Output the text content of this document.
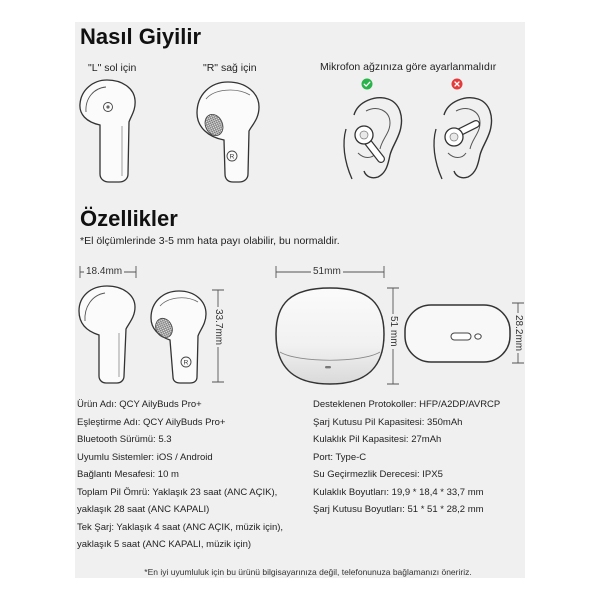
Nasıl Giyilir
"L" sol için	"R" sağ için	Mikrofon ağzınıza göre ayarlanmalıdır
R
Özellikler
*El ölçümlerinde 3-5 mm hata payı olabilir, bu normaldir.
18.4mm
33.7mm
51mm
51 mm	28.2mm
R
Ürün Adı: QCY AilyBuds Pro+
Eşleştirme Adı: QCY AilyBuds Pro+
Bluetooth Sürümü: 5.3
Uyumlu Sistemler: iOS / Android
Bağlantı Mesafesi: 10 m
Toplam Pil Ömrü: Yaklaşık 23 saat (ANC AÇIK),
yaklaşık 28 saat (ANC KAPALI)
Tek Şarj: Yaklaşık 4 saat (ANC AÇIK, müzik için),
yaklaşık 5 saat (ANC KAPALI, müzik için)
Desteklenen Protokoller: HFP/A2DP/AVRCP
Şarj Kutusu Pil Kapasitesi: 350mAh
Kulaklık Pil Kapasitesi: 27mAh
Port: Type-C
Su Geçirmezlik Derecesi: IPX5
Kulaklık Boyutları: 19,9 * 18,4 * 33,7 mm
Şarj Kutusu Boyutları: 51 * 51 * 28,2 mm
*En iyi uyumluluk için bu ürünü bilgisayarınıza değil, telefonunuza bağlamanızı öneririz.
